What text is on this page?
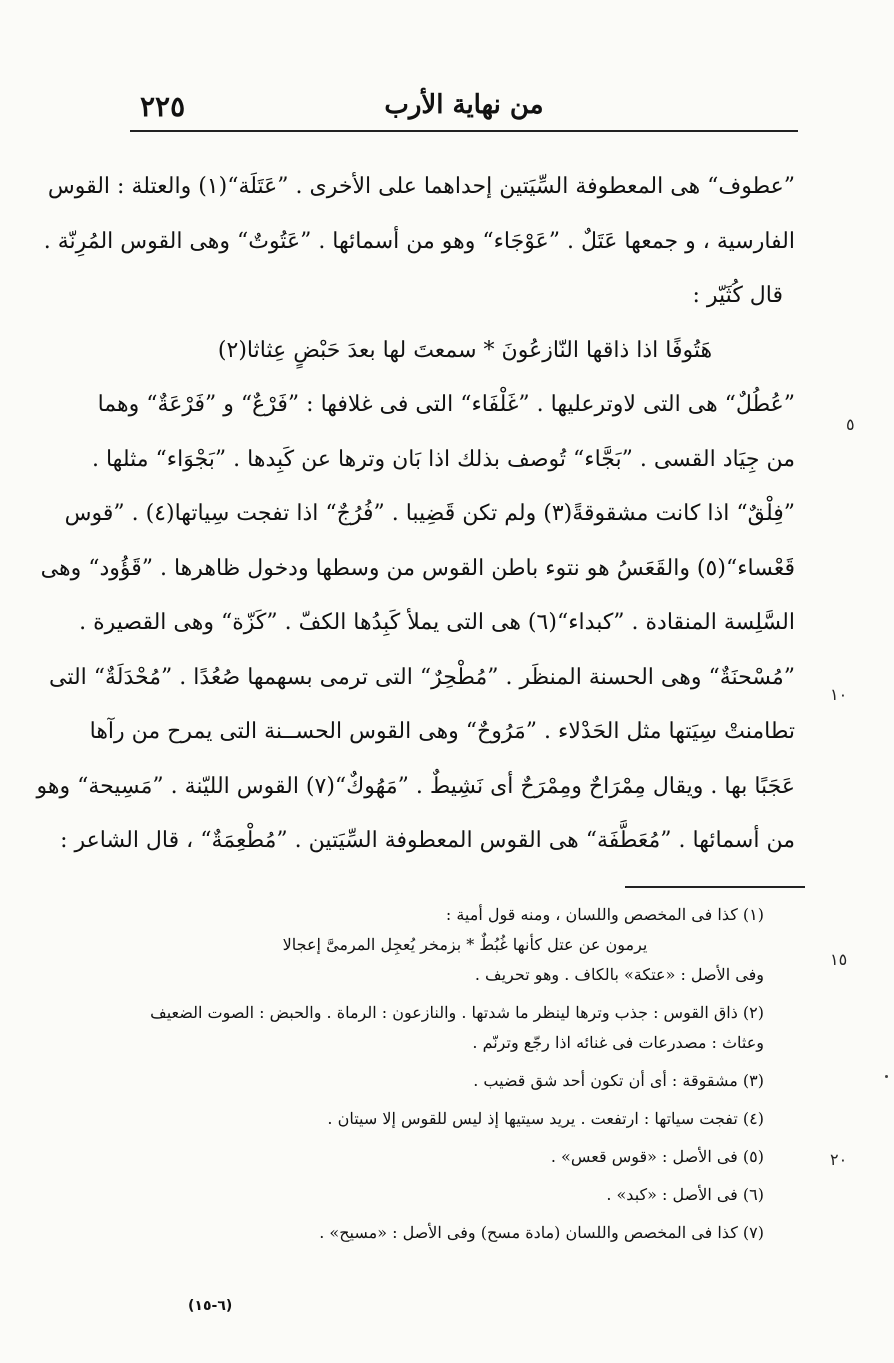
٢٢٥	من نهاية الأرب
”عطوف“ هى المعطوفة السِّيَتين إحداهما على الأخرى . ”عَتَلَة“(١) والعتلة : القوس
الفارسية ، و جمعها عَتَلٌ . ”عَوْجَاء“ وهو من أسمائها . ”عَتُوتٌ“ وهى القوس المُرِنّة .
قال كُثَيّر :
هَتُوفًا اذا ذاقها النّازعُونَ * سمعتَ لها بعدَ حَبْضٍ عِثاثا(٢)
”عُطُلٌ“ هى التى لاوترعليها . ”غَلْفَاء“ التى فى غلافها : ”فَرْعٌ“ و ”فَرْعَةٌ“ وهما
من جِيَاد القسى . ”بَجَّاء“ تُوصف بذلك اذا بَان وترها عن كَبِدها . ”بَجْوَاء“ مثلها .
”فِلْقٌ“ اذا كانت مشقوقةً(٣) ولم تكن قَضِيبا . ”فُرُجٌ“ اذا تفجت سِياتها(٤) . ”قوس
قَعْساء“(٥) والقَعَسُ هو نتوء باطن القوس من وسطها ودخول ظاهرها . ”قَؤُود“ وهى
السَّلِسة المنقادة . ”كبداء“(٦) هى التى يملأ كَبِدُها الكفّ . ”كَزّة“ وهى القصيرة .
”مُسْحنَةٌ“ وهى الحسنة المنظَر . ”مُطْحِرٌ“ التى ترمى بسهمها صُعُدًا . ”مُحْدَلَةٌ“ التى
تطامنتْ سِيَتها مثل الحَدْلاء . ”مَرُوحٌ“ وهى القوس الحســنة التى يمرح من رآها
عَجَبًا بها . ويقال مِمْرَاحٌ ومِمْرَحٌ أى نَشِيطٌ . ”مَهُوكٌ“(٧) القوس الليّنة . ”مَسِيحة“ وهو
من أسمائها . ”مُعَطَّفَة“ هى القوس المعطوفة السِّيَتين . ”مُطْعِمَةٌ“ ، قال الشاعر :
٥
١٠
١٥
٢٠
(١) كذا فى المخصص واللسان ، ومنه قول أمية :
يرمون عن عتل كأنها غُبُطٌ * بزمخر يُعجِل المرمىَّ إعجالا
وفى الأصل : «عتكة» بالكاف . وهو تحريف .
(٢) ذاق القوس : جذب وترها لينظر ما شدتها . والنازعون : الرماة . والحبض : الصوت الضعيف
وعثاث : مصدرعات فى غنائه اذا رجّع وترنّم .
(٣) مشقوقة : أى أن تكون أحد شق قضيب .
(٤) تفجت سياتها : ارتفعت . يريد سيتيها إذ ليس للقوس إلا سيتان .
(٥) فى الأصل : «قوس قعس» .
(٦) فى الأصل : «كبد» .
(٧) كذا فى المخصص واللسان (مادة مسح) وفى الأصل : «مسيح» .
(٦-١٥)
